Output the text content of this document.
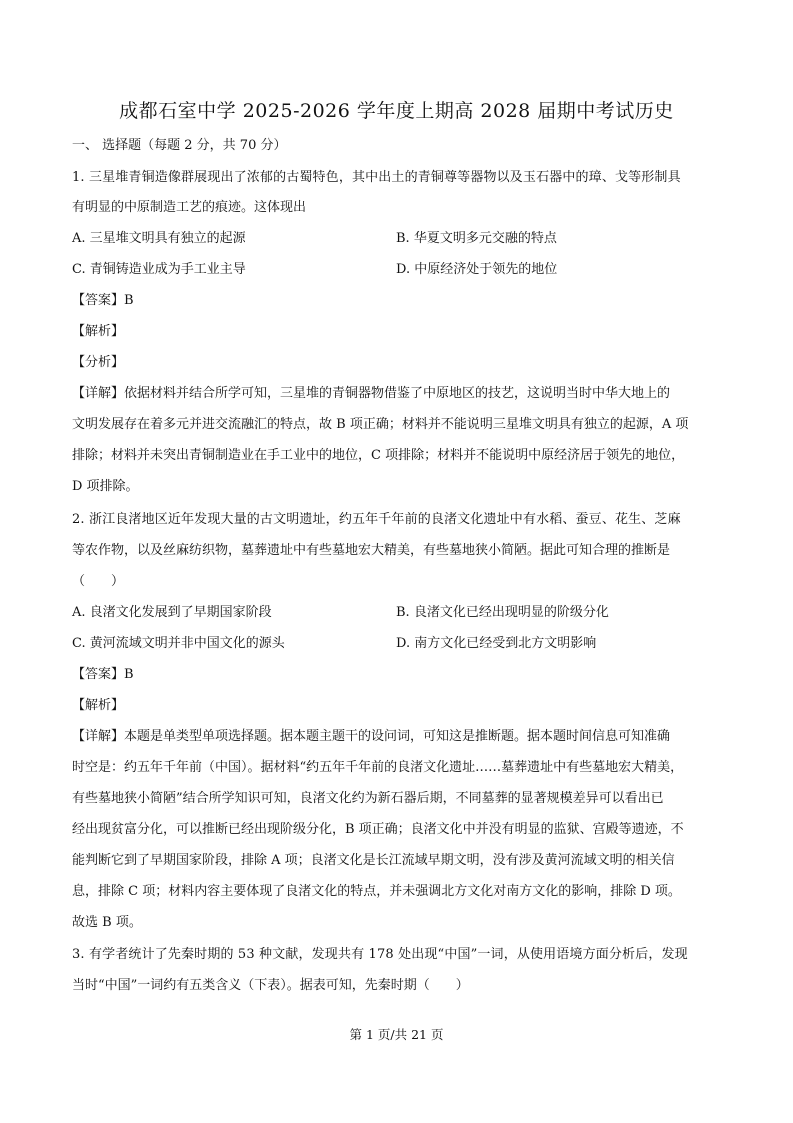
成都石室中学 2025-2026 学年度上期高 2028 届期中考试历史
一、 选择题（每题 2 分，共 70 分）
1. 三星堆青铜造像群展现出了浓郁的古蜀特色，其中出土的青铜尊等器物以及玉石器中的璋、戈等形制具
有明显的中原制造工艺的痕迹。这体现出
A. 三星堆文明具有独立的起源	B. 华夏文明多元交融的特点
C. 青铜铸造业成为手工业主导	D. 中原经济处于领先的地位
【答案】B
【解析】
【分析】
【详解】依据材料并结合所学可知，三星堆的青铜器物借鉴了中原地区的技艺，这说明当时中华大地上的
文明发展存在着多元并进交流融汇的特点，故 B 项正确；材料并不能说明三星堆文明具有独立的起源，A 项
排除；材料并未突出青铜制造业在手工业中的地位，C 项排除；材料并不能说明中原经济居于领先的地位，
D 项排除。
2. 浙江良渚地区近年发现大量的古文明遗址，约五年千年前的良渚文化遗址中有水稻、蚕豆、花生、芝麻
等农作物，以及丝麻纺织物，墓葬遗址中有些墓地宏大精美，有些墓地狭小简陋。据此可知合理的推断是
（　　）
A. 良渚文化发展到了早期国家阶段	B. 良渚文化已经出现明显的阶级分化
C. 黄河流域文明并非中国文化的源头	D. 南方文化已经受到北方文明影响
【答案】B
【解析】
【详解】本题是单类型单项选择题。据本题主题干的设问词，可知这是推断题。据本题时间信息可知准确
时空是：约五年千年前（中国）。据材料“约五年千年前的良渚文化遗址……墓葬遗址中有些墓地宏大精美，
有些墓地狭小简陋”结合所学知识可知，良渚文化约为新石器后期，不同墓葬的显著规模差异可以看出已
经出现贫富分化，可以推断已经出现阶级分化，B 项正确；良渚文化中并没有明显的监狱、宫殿等遗迹，不
能判断它到了早期国家阶段，排除 A 项；良渚文化是长江流域早期文明，没有涉及黄河流域文明的相关信
息，排除 C 项；材料内容主要体现了良渚文化的特点，并未强调北方文化对南方文化的影响，排除 D 项。
故选 B 项。
3. 有学者统计了先秦时期的 53 种文献，发现共有 178 处出现“中国”一词，从使用语境方面分析后，发现
当时“中国”一词约有五类含义（下表）。据表可知，先秦时期（　　）
第 1 页/共 21 页
